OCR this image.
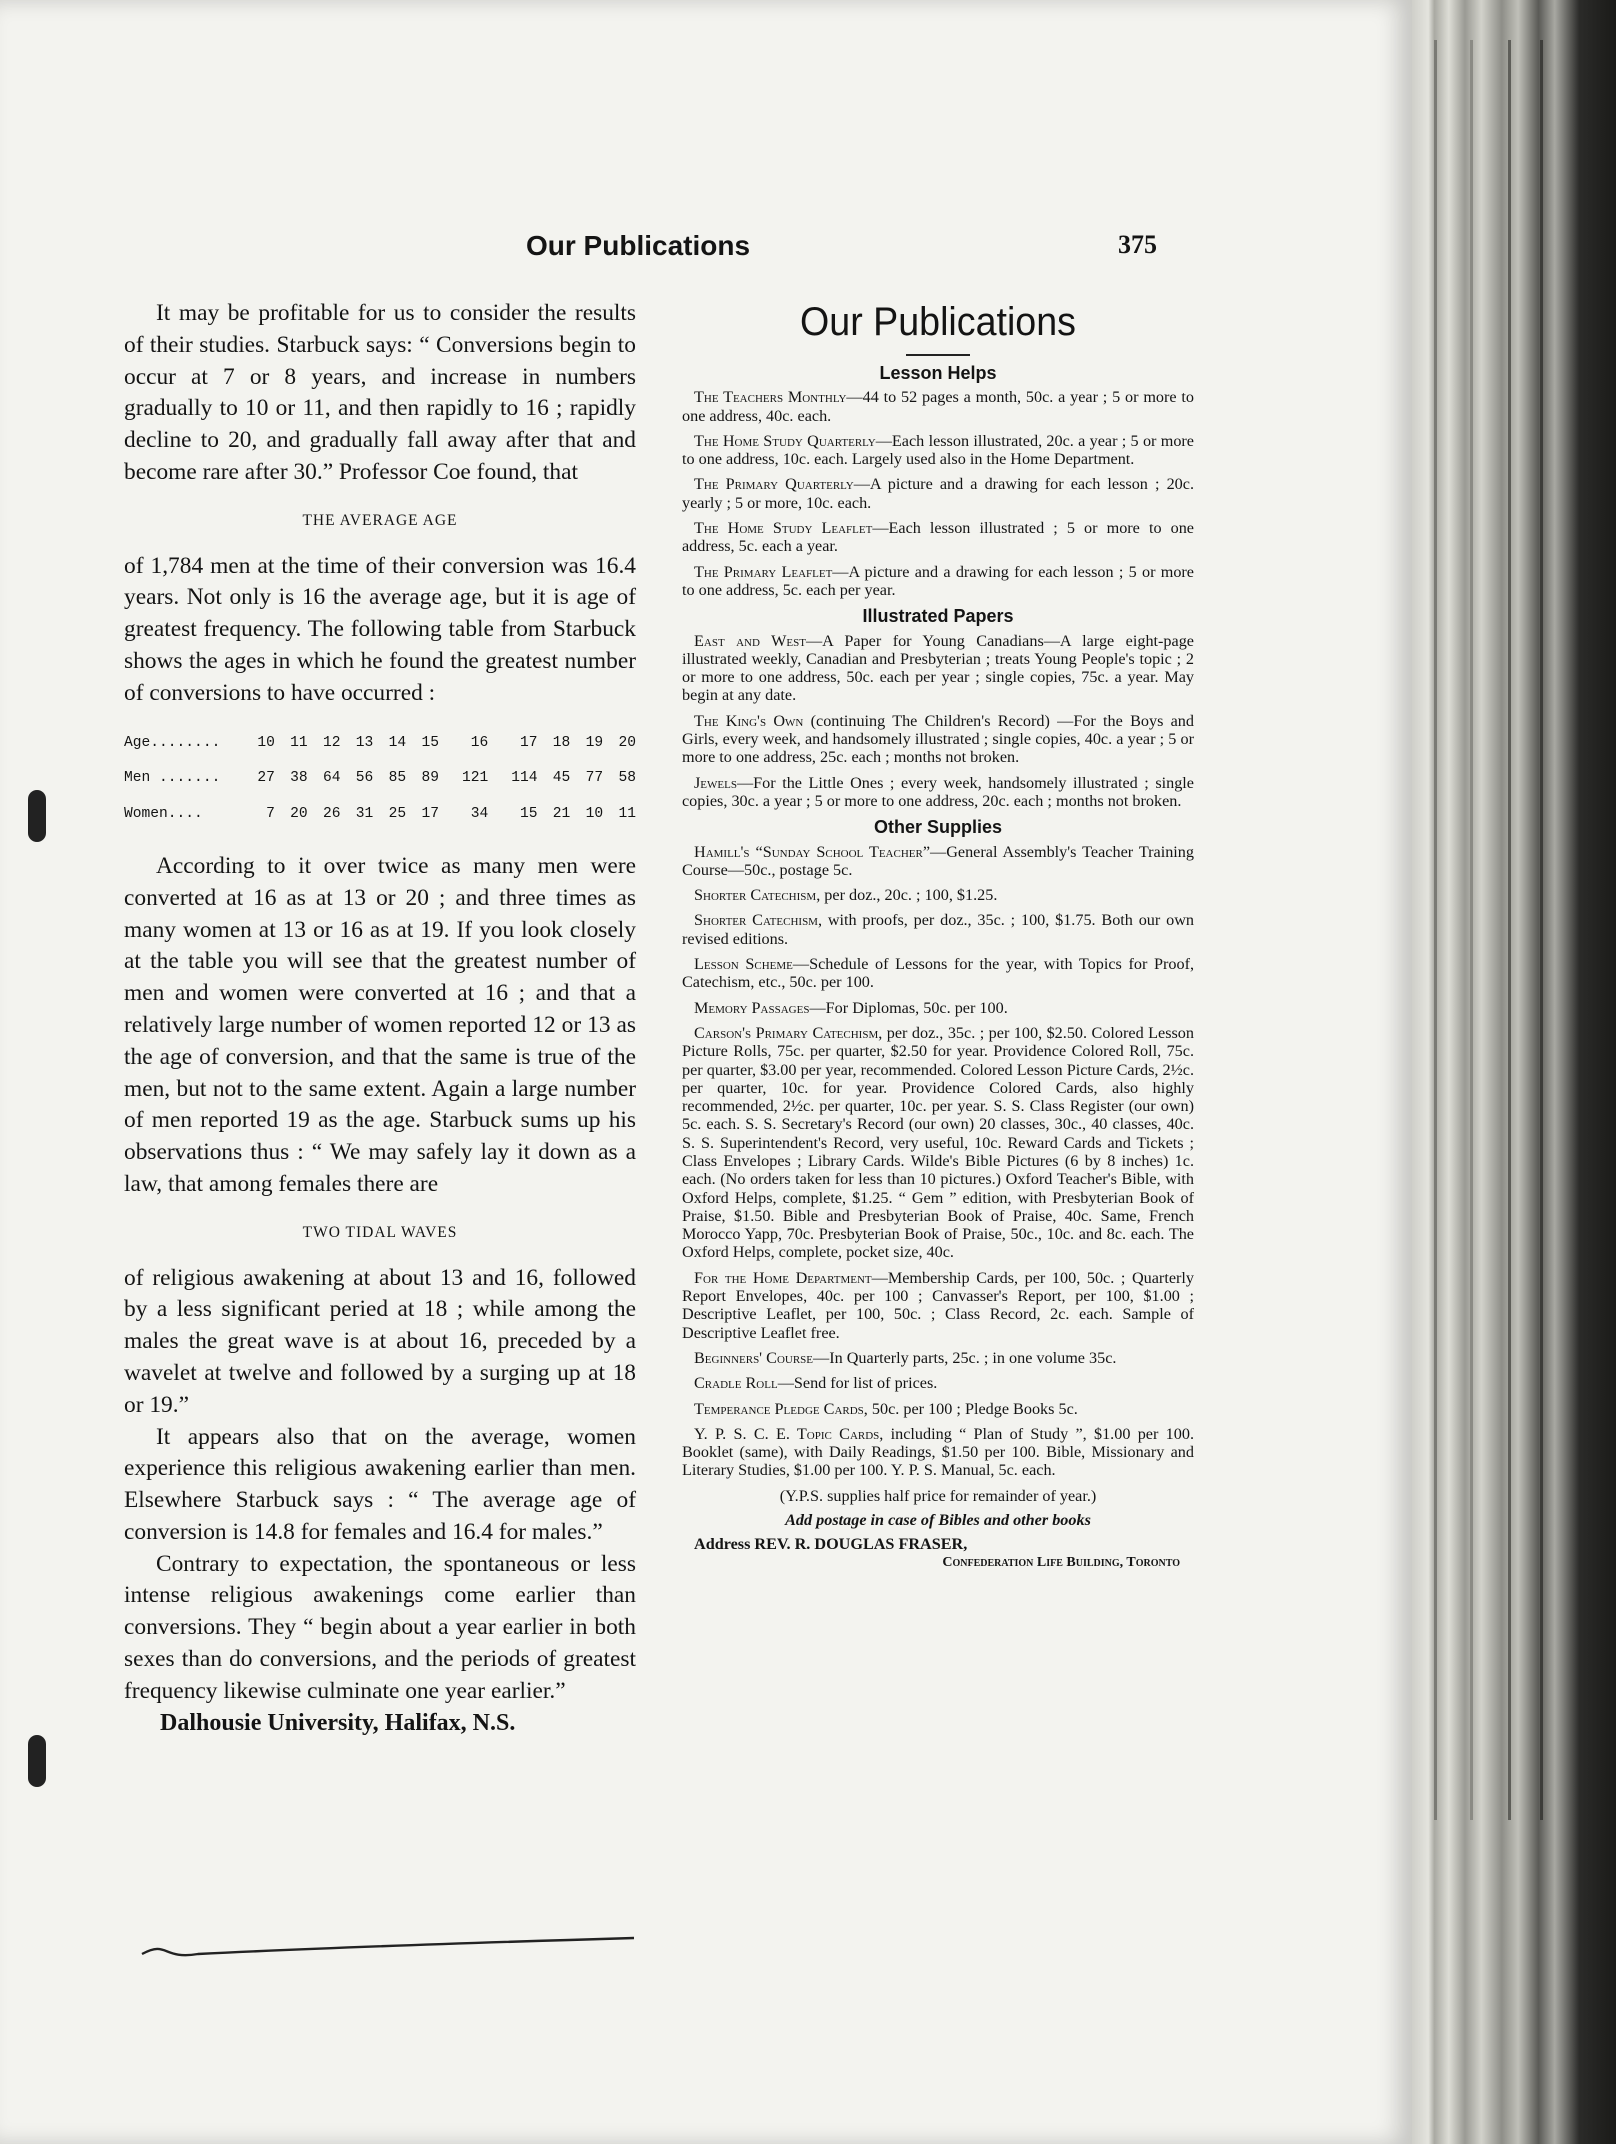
Our Publications	375

It may be profitable for us to consider the results of their studies. Starbuck says: “ Conversions begin to occur at 7 or 8 years, and increase in numbers gradually to 10 or 11, and then rapidly to 16 ; rapidly decline to 20, and gradually fall away after that and become rare after 30.” Professor Coe found, that

THE AVERAGE AGE

of 1,784 men at the time of their conversion was 16.4 years. Not only is 16 the average age, but it is age of greatest frequency. The following table from Starbuck shows the ages in which he found the greatest number of conversions to have occurred :

Age........	10	11	12	13	14	15	16	17	18	19	20
Men .......	27	38	64	56	85	89	121	114	45	77	58
Women....	7	20	26	31	25	17	34	15	21	10	11

According to it over twice as many men were converted at 16 as at 13 or 20 ; and three times as many women at 13 or 16 as at 19. If you look closely at the table you will see that the greatest number of men and women were converted at 16 ; and that a relatively large number of women reported 12 or 13 as the age of conversion, and that the same is true of the men, but not to the same extent. Again a large number of men reported 19 as the age. Starbuck sums up his observations thus : “ We may safely lay it down as a law, that among females there are

TWO TIDAL WAVES

of religious awakening at about 13 and 16, followed by a less significant peried at 18 ; while among the males the great wave is at about 16, preceded by a wavelet at twelve and followed by a surging up at 18 or 19.”

It appears also that on the average, women experience this religious awakening earlier than men. Elsewhere Starbuck says : “ The average age of conversion is 14.8 for females and 16.4 for males.”

Contrary to expectation, the spontaneous or less intense religious awakenings come earlier than conversions. They “ begin about a year earlier in both sexes than do conversions, and the periods of greatest frequency likewise culminate one year earlier.”

Dalhousie University, Halifax, N.S.

Our Publications
Lesson Helps
The Teachers Monthly—44 to 52 pages a month, 50c. a year ; 5 or more to one address, 40c. each.
The Home Study Quarterly—Each lesson illustrated, 20c. a year ; 5 or more to one address, 10c. each. Largely used also in the Home Department.
The Primary Quarterly—A picture and a drawing for each lesson ; 20c. yearly ; 5 or more, 10c. each.
The Home Study Leaflet—Each lesson illustrated ; 5 or more to one address, 5c. each a year.
The Primary Leaflet—A picture and a drawing for each lesson ; 5 or more to one address, 5c. each per year.
Illustrated Papers
East and West—A Paper for Young Canadians—A large eight-page illustrated weekly, Canadian and Presbyterian ; treats Young People's topic ; 2 or more to one address, 50c. each per year ; single copies, 75c. a year. May begin at any date.
The King's Own (continuing The Children's Record) —For the Boys and Girls, every week, and handsomely illustrated ; single copies, 40c. a year ; 5 or more to one address, 25c. each ; months not broken.
Jewels—For the Little Ones ; every week, handsomely illustrated ; single copies, 30c. a year ; 5 or more to one address, 20c. each ; months not broken.
Other Supplies
Hamill's “Sunday School Teacher”—General Assembly's Teacher Training Course—50c., postage 5c.
Shorter Catechism, per doz., 20c. ; 100, $1.25.
Shorter Catechism, with proofs, per doz., 35c. ; 100, $1.75. Both our own revised editions.
Lesson Scheme—Schedule of Lessons for the year, with Topics for Proof, Catechism, etc., 50c. per 100.
Memory Passages—For Diplomas, 50c. per 100.
Carson's Primary Catechism, per doz., 35c. ; per 100, $2.50. Colored Lesson Picture Rolls, 75c. per quarter, $2.50 for year. Providence Colored Roll, 75c. per quarter, $3.00 per year, recommended. Colored Lesson Picture Cards, 2½c. per quarter, 10c. for year. Providence Colored Cards, also highly recommended, 2½c. per quarter, 10c. per year. S. S. Class Register (our own) 5c. each. S. S. Secretary's Record (our own) 20 classes, 30c., 40 classes, 40c. S. S. Superintendent's Record, very useful, 10c. Reward Cards and Tickets ; Class Envelopes ; Library Cards. Wilde's Bible Pictures (6 by 8 inches) 1c. each. (No orders taken for less than 10 pictures.) Oxford Teacher's Bible, with Oxford Helps, complete, $1.25. “ Gem ” edition, with Presbyterian Book of Praise, $1.50. Bible and Presbyterian Book of Praise, 40c. Same, French Morocco Yapp, 70c. Presbyterian Book of Praise, 50c., 10c. and 8c. each. The Oxford Helps, complete, pocket size, 40c.
For the Home Department—Membership Cards, per 100, 50c. ; Quarterly Report Envelopes, 40c. per 100 ; Canvasser's Report, per 100, $1.00 ; Descriptive Leaflet, per 100, 50c. ; Class Record, 2c. each. Sample of Descriptive Leaflet free.
Beginners' Course—In Quarterly parts, 25c. ; in one volume 35c.
Cradle Roll—Send for list of prices.
Temperance Pledge Cards, 50c. per 100 ; Pledge Books 5c.
Y. P. S. C. E. Topic Cards, including “ Plan of Study ”, $1.00 per 100. Booklet (same), with Daily Readings, $1.50 per 100. Bible, Missionary and Literary Studies, $1.00 per 100. Y. P. S. Manual, 5c. each.
(Y.P.S. supplies half price for remainder of year.)
Add postage in case of Bibles and other books
Address REV. R. DOUGLAS FRASER,
Confederation Life Building, Toronto
